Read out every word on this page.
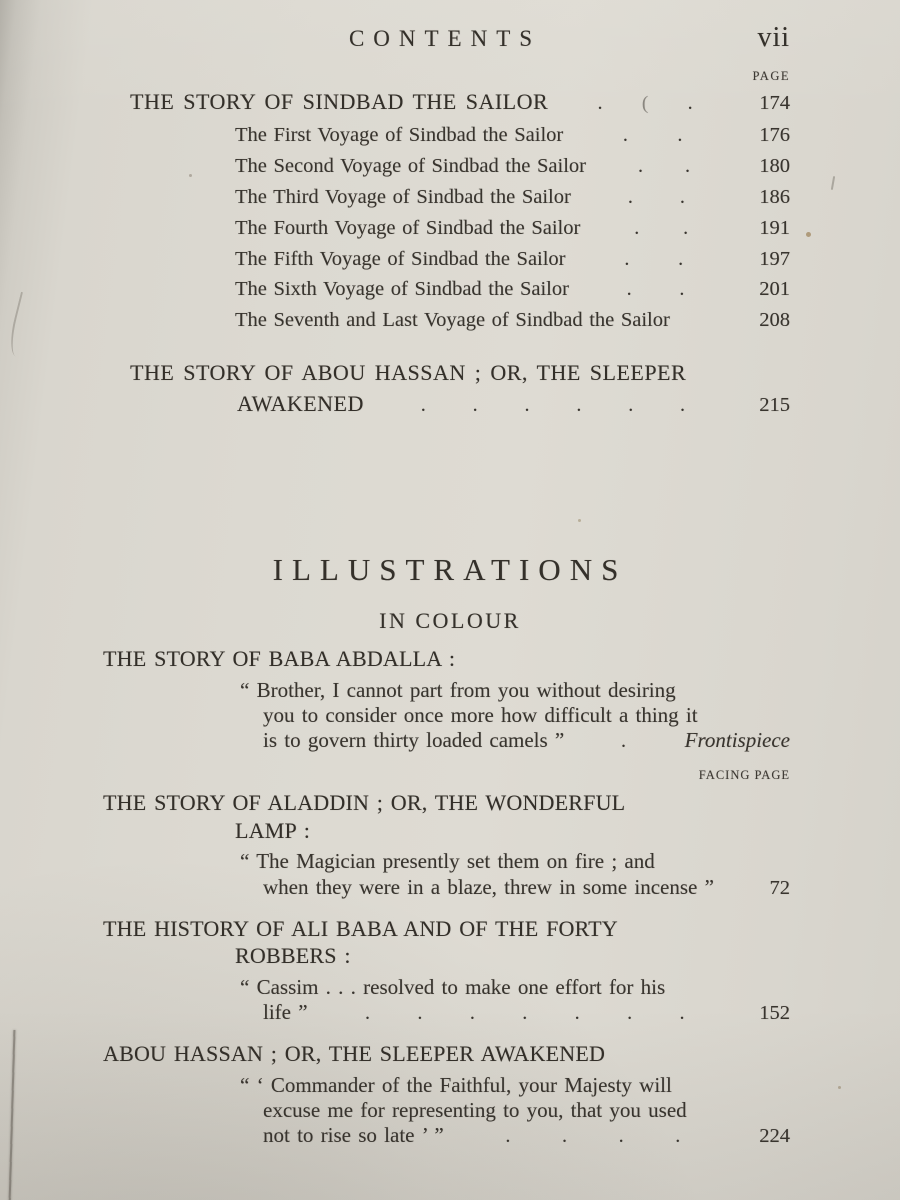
CONTENTS	vii
PAGE
THE STORY OF SINDBAD THE SAILOR . ( .	174
The First Voyage of Sindbad the Sailor	. .	176
The Second Voyage of Sindbad the Sailor	. .	180
The Third Voyage of Sindbad the Sailor	. .	186
The Fourth Voyage of Sindbad the Sailor	. .	191
The Fifth Voyage of Sindbad the Sailor	. .	197
The Sixth Voyage of Sindbad the Sailor	. .	201
The Seventh and Last Voyage of Sindbad the Sailor	208
THE STORY OF ABOU HASSAN ; OR, THE SLEEPER
AWAKENED	. . . . . .	215
ILLUSTRATIONS
IN COLOUR
THE STORY OF BABA ABDALLA :
“ Brother, I cannot part from you without desiring
you to consider once more how difficult a thing it
is to govern thirty loaded camels ”	.	Frontispiece
FACING PAGE
THE STORY OF ALADDIN ; OR, THE WONDERFUL
LAMP :
“ The Magician presently set them on fire ; and
when they were in a blaze, threw in some incense ”	72
THE HISTORY OF ALI BABA AND OF THE FORTY
ROBBERS :
“ Cassim . . . resolved to make one effort for his
life ”	. . . . . . .	152
ABOU HASSAN ; OR, THE SLEEPER AWAKENED
“ ‘ Commander of the Faithful, your Majesty will
excuse me for representing to you, that you used
not to rise so late ’ ”	.	.	.	.	224
